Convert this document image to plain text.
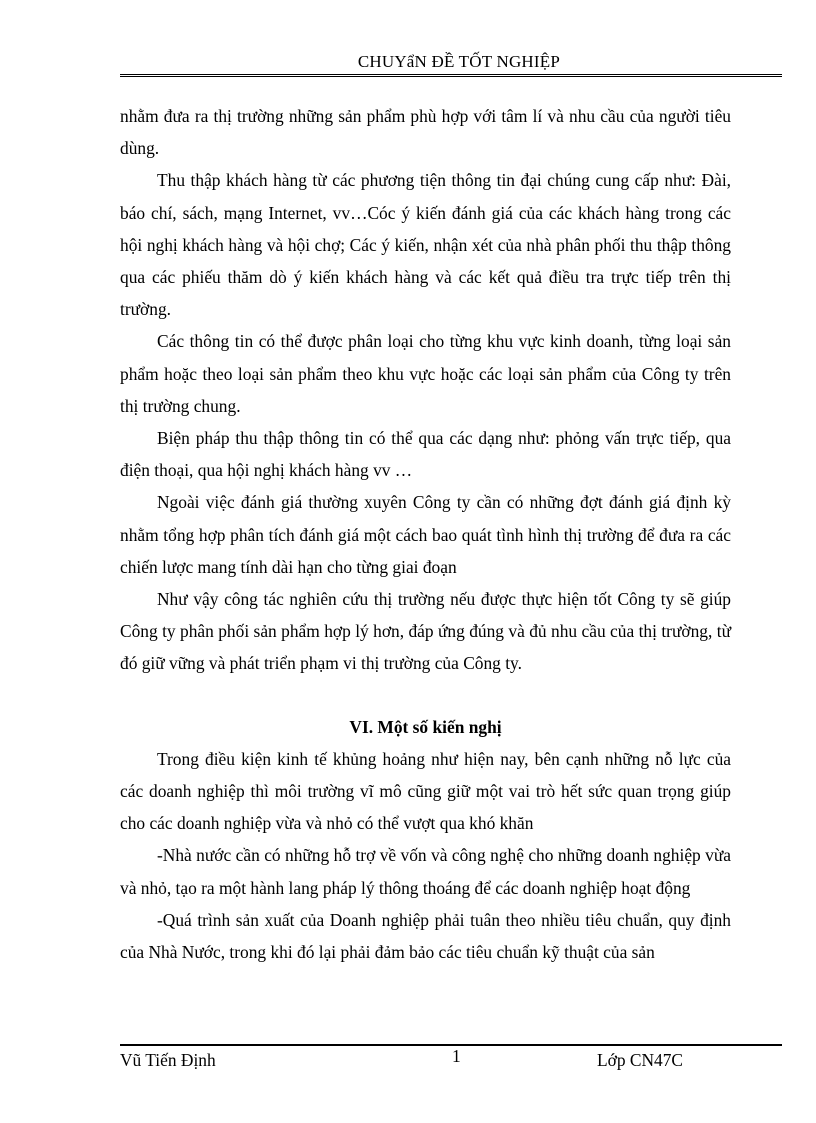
CHUYẩN ĐỀ TỐT NGHIỆP

nhằm đưa ra thị trường những sản phẩm phù hợp với tâm lí và nhu cầu của người tiêu dùng.

Thu thập khách hàng từ các phương tiện thông tin đại chúng cung cấp như: Đài, báo chí, sách, mạng Internet, vv…Cóc ý kiến đánh giá của các khách hàng trong các hội nghị khách hàng và hội chợ; Các ý kiến, nhận xét của nhà phân phối thu thập thông qua các phiếu thăm dò ý kiến khách hàng và các kết quả điều tra trực tiếp trên thị trường.

Các thông tin có thể được phân loại cho từng khu vực kinh doanh, từng loại sản phẩm hoặc theo loại sản phẩm theo khu vực hoặc các loại sản phẩm của Công ty trên thị trường chung.

Biện pháp thu thập thông tin có thể qua các dạng như: phỏng vấn trực tiếp, qua điện thoại, qua hội nghị khách hàng vv …

Ngoài việc đánh giá thường xuyên Công ty cần có những đợt đánh giá định kỳ nhằm tổng hợp phân tích đánh giá một cách bao quát tình hình thị trường để đưa ra các chiến lược mang tính dài hạn cho từng giai đoạn

Như vậy công tác nghiên cứu thị trường nếu được thực hiện tốt Công ty sẽ giúp Công ty phân phối sản phẩm hợp lý hơn, đáp ứng đúng và đủ nhu cầu của thị trường, từ đó giữ vững và phát triển phạm vi thị trường của Công ty.

VI. Một số kiến nghị

Trong điều kiện kinh tế khủng hoảng như hiện nay, bên cạnh những nỗ lực của các doanh nghiệp thì môi trường vĩ mô cũng giữ một vai trò hết sức quan trọng giúp cho các doanh nghiệp vừa và nhỏ có thể vượt qua khó khăn

-Nhà nước cần có những hỗ trợ về vốn và công nghệ cho những doanh nghiệp vừa và nhỏ, tạo ra một hành lang pháp lý thông thoáng để các doanh nghiệp hoạt động

-Quá trình sản xuất của Doanh nghiệp phải tuân theo nhiều tiêu chuẩn, quy định của Nhà Nước, trong khi đó lại phải đảm bảo các tiêu chuẩn kỹ thuật của sản

Vũ Tiến Định	1	Lớp CN47C
